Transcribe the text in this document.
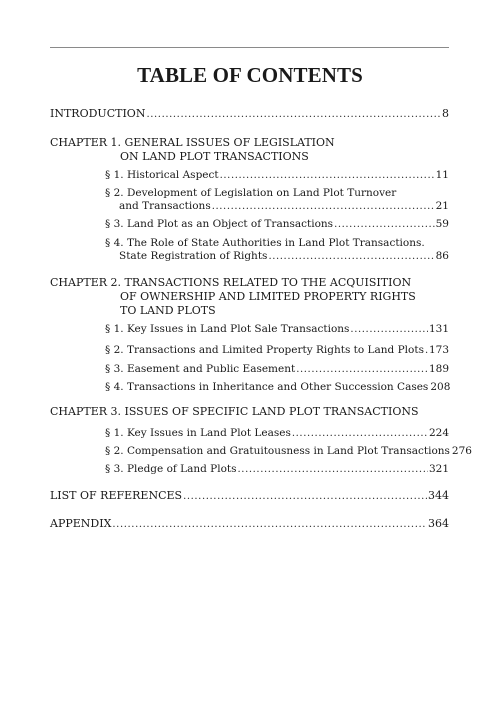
TABLE OF CONTENTS
INTRODUCTION .....	8
CHAPTER 1. GENERAL ISSUES OF LEGISLATION
ON LAND PLOT TRANSACTIONS
§ 1. Historical Aspect .....	11
§ 2. Development of Legislation on Land Plot Turnover
and Transactions .....	21
§ 3. Land Plot as an Object of Transactions .....	59
§ 4. The Role of State Authorities in Land Plot Transactions.
State Registration of Rights .....	86
CHAPTER 2. TRANSACTIONS RELATED TO THE ACQUISITION
OF OWNERSHIP AND LIMITED PROPERTY RIGHTS
TO LAND PLOTS
§ 1. Key Issues in Land Plot Sale Transactions .....	131
§ 2. Transactions and Limited Property Rights to Land Plots ..... 173
§ 3. Easement and Public Easement .....	189
§ 4. Transactions in Inheritance and Other Succession Cases 208
CHAPTER 3. ISSUES OF SPECIFIC LAND PLOT TRANSACTIONS
§ 1. Key Issues in Land Plot Leases .....	224
§ 2. Compensation and Gratuitousness in Land Plot Transactions 276
§ 3. Pledge of Land Plots .....	321
LIST OF REFERENCES .....	344
APPENDIX .....	364
